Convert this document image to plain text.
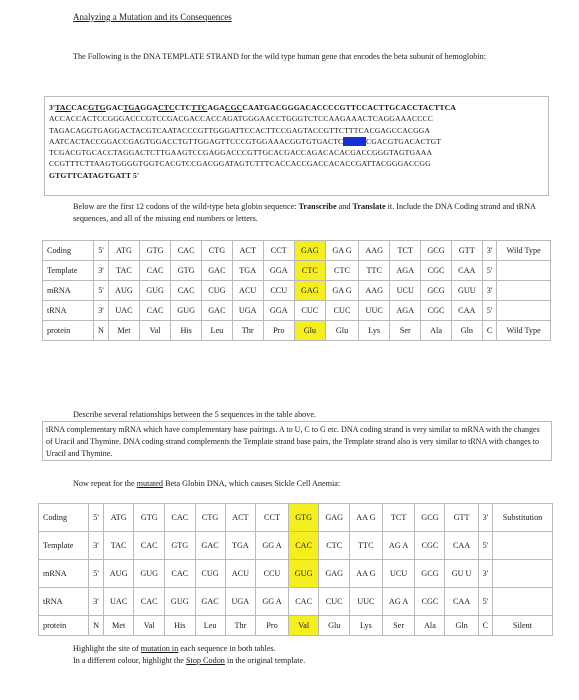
Analyzing a Mutation and its Consequences
The Following is the DNA TEMPLATE STRAND for the wild type human gene that encodes the beta subunit of hemoglobin:
3'TACCACGTGGACTGAGGACTCCTCTTCAGACGCCAATGACGGGACACCCCGTTCCACTTGCACCTACTTCA
ACCACCACTCCGGGACCCGTCCGACGACCACCAGATGGGAACCTGGGTCTCCAAGAAACTCAGGAAACCCC
TAGACAGGTGAGGACTACGTCAATACCCGTTGGGATTCCACTTCCGAGTACCGTTCTTTCACGAGCCACGGA
AATCACTACCGGACCGAGTGGACCTGTTGGAGTTCCCGTGGAAACGGTGTGACTCXXXXCGACGTGACACTGT
TCGACGTGCACCTAGGACTCTTGAAGTCCGAGGACCCGTTGCACGACCAGACACACGACCGGGTAGTGAAA
CCGTTTCTTAAGTGGGGTGGTCACGTCCGACGGATAGTCTTTCACCACCGACCACACCGATTACGGGACCGG
GTGTTCATAGTGATT 5'
Below are the first 12 codons of the wild-type beta globin sequence: Transcribe and Translate it. Include the DNA Coding strand and tRNA sequences, and all of the missing end numbers or letters.
Coding	5'	ATG	GTG	CAC	CTG	ACT	CCT	GAG	GA G	AAG	TCT	GCG	GTT	3'	Wild Type
Template	3'	TAC	CAC	GTG	GAC	TGA	GGA	CTC	CTC	TTC	AGA	CGC	CAA	5'	
mRNA	5'	AUG	GUG	CAC	CUG	ACU	CCU	GAG	GA G	AAG	UCU	GCG	GUU	3'	
tRNA	3'	UAC	CAC	GUG	GAC	UGA	GGA	CUC	CUC	UUC	AGA	CGC	CAA	5'	
protein	N	Met	Val	His	Leu	Thr	Pro	Glu	Glu	Lys	Ser	Ala	Gln	C	Wild Type
Describe several relationships between the 5 sequences in the table above.
tRNA complementary mRNA which have complementary base pairings. A to U, C to G etc. DNA coding strand is very similar to mRNA with the changes of Uracil and Thymine. DNA coding strand complements the Template strand base pairs, the Template strand also is very similar to tRNA with changes to Uracil and Thymine.
Now repeat for the mutated Beta Globin DNA, which causes Sickle Cell Anemia:
Coding	5'	ATG	GTG	CAC	CTG	ACT	CCT	GTG	GAG	AA G	TCT	GCG	GTT	3'	Substitution
Template	3'	TAC	CAC	GTG	GAC	TGA	GG A	CAC	CTC	TTC	AG A	CGC	CAA	5'	
mRNA	5'	AUG	GUG	CAC	CUG	ACU	CCU	GUG	GAG	AA G	UCU	GCG	GU U	3'	
tRNA	3'	UAC	CAC	GUG	GAC	UGA	GG A	CAC	CUC	UUC	AG A	CGC	CAA	5'	
protein	N	Met	Val	His	Leu	Thr	Pro	Val	Glu	Lys	Ser	Ala	Gln	C	Silent
Highlight the site of mutation in each sequence in both tables.
In a different colour, highlight the Stop Codon in the original template.
